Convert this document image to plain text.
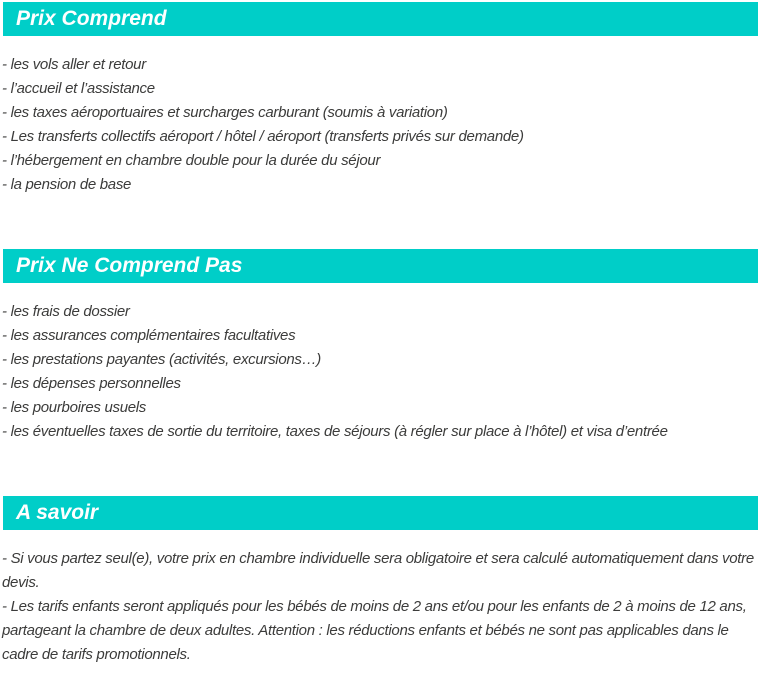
Prix Comprend

- les vols aller et retour

- l’accueil et l’assistance

- les taxes aéroportuaires et surcharges carburant (soumis à variation)

- Les transferts collectifs aéroport / hôtel / aéroport (transferts privés sur demande)

- l’hébergement en chambre double pour la durée du séjour

- la pension de base

Prix Ne Comprend Pas

- les frais de dossier

- les assurances complémentaires facultatives

- les prestations payantes (activités, excursions…)

- les dépenses personnelles

- les pourboires usuels

- les éventuelles taxes de sortie du territoire, taxes de séjours (à régler sur place à l’hôtel) et visa d’entrée

A savoir

- Si vous partez seul(e), votre prix en chambre individuelle sera obligatoire et sera calculé automatiquement dans votre devis.

- Les tarifs enfants seront appliqués pour les bébés de moins de 2 ans et/ou pour les enfants de 2 à moins de 12 ans, partageant la chambre de deux adultes. Attention : les réductions enfants et bébés ne sont pas applicables dans le cadre de tarifs promotionnels.
